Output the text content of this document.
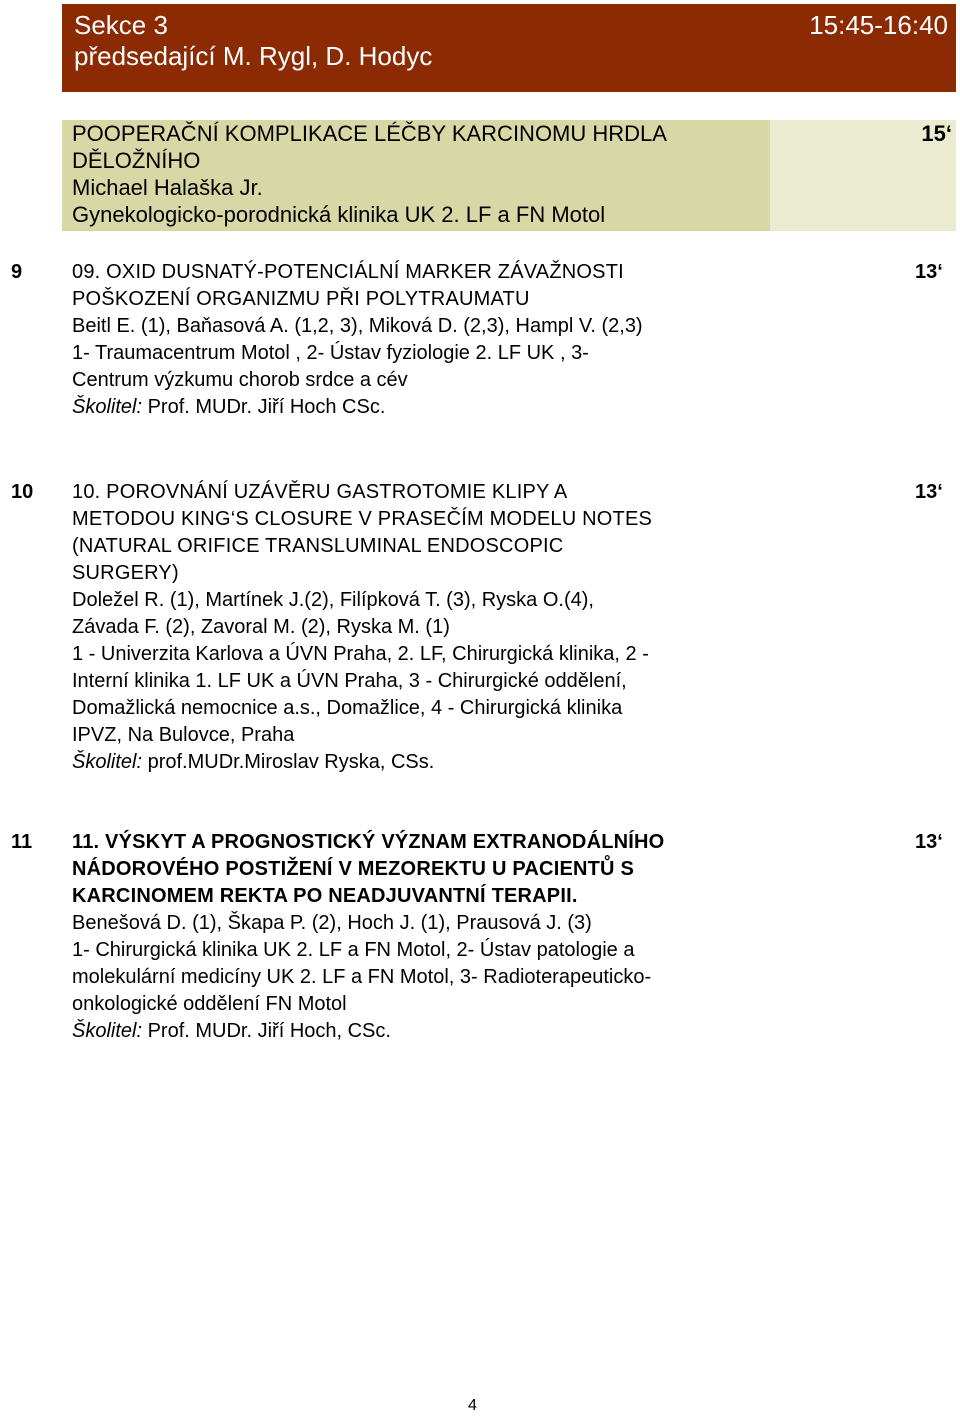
Sekce 3
předsedající M. Rygl, D. Hodyc
15:45-16:40
POOPERAČNÍ KOMPLIKACE LÉČBY KARCINOMU HRDLA
DĚLOŽNÍHO
Michael Halaška Jr.
Gynekologicko-porodnická klinika UK 2. LF a FN Motol
15‘
9 09. OXID DUSNATÝ-POTENCIÁLNÍ MARKER ZÁVAŽNOSTI
POŠKOZENÍ ORGANIZMU PŘI POLYTRAUMATU
Beitl E. (1), Baňasová A. (1,2, 3), Miková D. (2,3), Hampl V. (2,3)
1- Traumacentrum Motol , 2- Ústav fyziologie 2. LF UK , 3-
Centrum výzkumu chorob srdce a cév
Školitel: Prof. MUDr. Jiří Hoch CSc.
13‘
10 10. POROVNÁNÍ UZÁVĚRU GASTROTOMIE KLIPY A
METODOU KING‘S CLOSURE V PRASEČÍM MODELU NOTES
(NATURAL ORIFICE TRANSLUMINAL ENDOSCOPIC
SURGERY)
Doležel R. (1), Martínek J.(2), Filípková T. (3), Ryska O.(4),
Závada F. (2), Zavoral M. (2), Ryska M. (1)
1 - Univerzita Karlova a ÚVN Praha, 2. LF, Chirurgická klinika, 2 -
Interní klinika 1. LF UK a ÚVN Praha, 3 - Chirurgické oddělení,
Domažlická nemocnice a.s., Domažlice, 4 - Chirurgická klinika
IPVZ, Na Bulovce, Praha
Školitel: prof.MUDr.Miroslav Ryska, CSs.
13‘
11 11. VÝSKYT A PROGNOSTICKÝ VÝZNAM EXTRANODÁLNÍHO
NÁDOROVÉHO POSTIŽENÍ V MEZOREKTU U PACIENTŮ S
KARCINOMEM REKTA PO NEADJUVANTNÍ TERAPII.
Benešová D. (1), Škapa P. (2), Hoch J. (1), Prausová J. (3)
1- Chirurgická klinika UK 2. LF a FN Motol, 2- Ústav patologie a
molekulární medicíny UK 2. LF a FN Motol, 3- Radioterapeuticko-
onkologické oddělení FN Motol
Školitel: Prof. MUDr. Jiří Hoch, CSc.
13‘
4
